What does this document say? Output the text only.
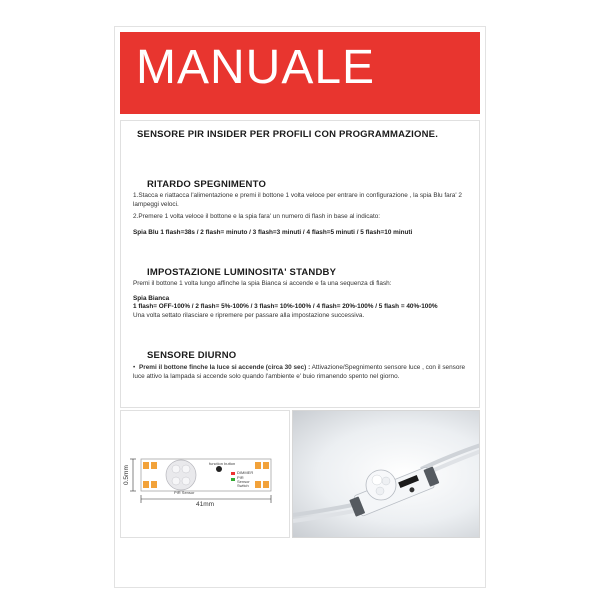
MANUALE
SENSORE PIR INSIDER PER PROFILI CON PROGRAMMAZIONE.
RITARDO SPEGNIMENTO
1.Stacca e riattacca l'alimentazione e premi il bottone 1 volta veloce per entrare in configurazione , la spia Blu fara' 2 lampeggi veloci.
2.Premere 1 volta veloce il bottone e la spia fara' un numero di flash in base al indicato:
Spia Blu 1 flash=38s / 2 flash= minuto / 3 flash=3 minuti / 4 flash=5 minuti / 5 flash=10 minuti
IMPOSTAZIONE LUMINOSITA' STANDBY
Premi il bottone 1 volta lungo affinche la spia Bianca si accende e fa una sequenza di flash:
Spia Bianca
1 flash= OFF-100% / 2 flash= 5%-100% / 3 flash= 10%-100% / 4 flash= 20%-100% / 5 flash = 40%-100%
Una volta settato rilasciare e ripremere per passare alla impostazione successiva.
SENSORE DIURNO
• Premi il bottone finche la luce si accende (circa 30 sec) : Attivazione/Spegnimento sensore luce , con il sensore luce attivo la lampada si accende solo quando l'ambiente e' buio rimanendo spento nel giorno.
41mm
0.5mm
PIR Sensor
function button
DIMMER
PIR Sensor Switch
